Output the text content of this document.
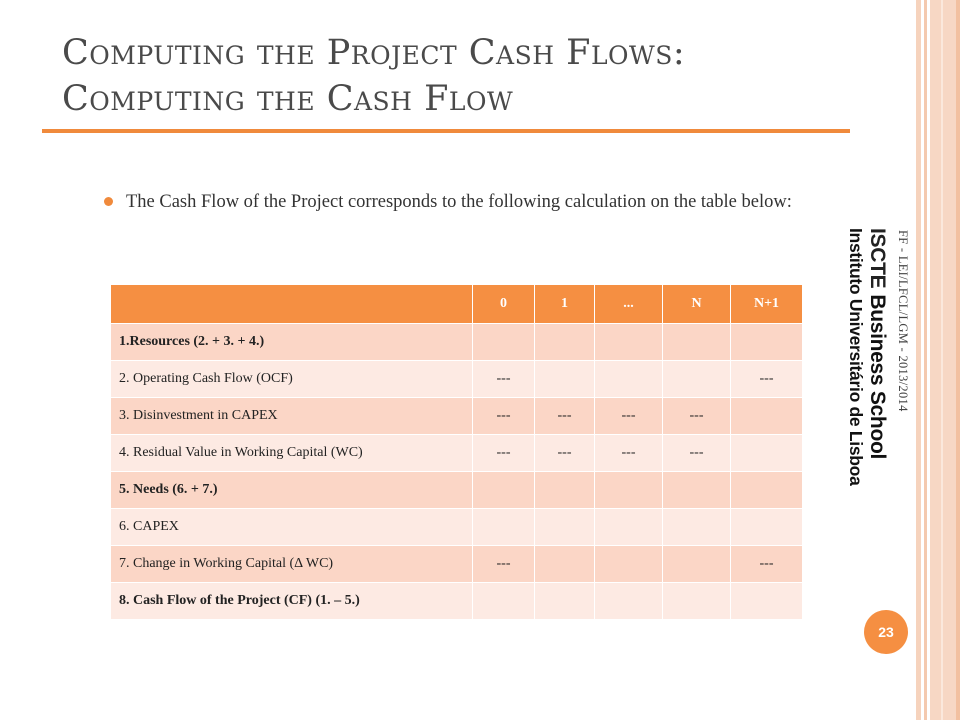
Computing the Project Cash Flows:
Computing the Cash Flow
The Cash Flow of the Project corresponds to the following calculation on the table below:
	0	1	...	N	N+1
1.Resources (2. + 3. + 4.)					
2. Operating Cash Flow (OCF)	---				---
3. Disinvestment in CAPEX	---	---	---	---	
4. Residual Value in Working Capital (WC)	---	---	---	---	
5. Needs (6. + 7.)					
6. CAPEX					
7. Change in Working Capital (Δ WC)	---				---
8. Cash Flow of the Project (CF) (1. – 5.)					
ISCTEBusiness School
Instituto Universitário de Lisboa FF - LEI/LFCL/LGM - 2013/2014
23
